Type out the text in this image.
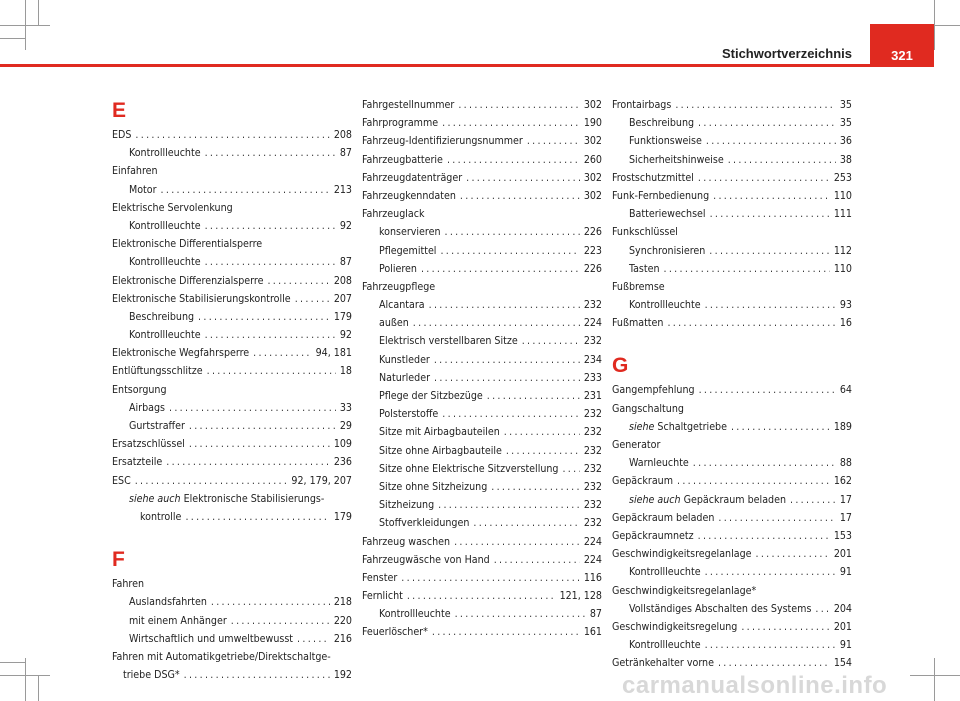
Stichwortverzeichnis	321
E
EDS .....	208
Kontrollleuchte .....	87
Einfahren
Motor .....	213
Elektrische Servolenkung
Kontrollleuchte .....	92
Elektronische Differentialsperre
Kontrollleuchte .....	87
Elektronische Differenzialsperre .....	208
Elektronische Stabilisierungskontrolle .....	207
Beschreibung .....	179
Kontrollleuchte .....	92
Elektronische Wegfahrsperre .....	94, 181
Entlüftungsschlitze .....	18
Entsorgung
Airbags .....	33
Gurtstraffer .....	29
Ersatzschlüssel .....	109
Ersatzteile .....	236
ESC .....	92, 179, 207
siehe auch Elektronische Stabilisierungs-
kontrolle .....	179
F
Fahren
Auslandsfahrten .....	218
mit einem Anhänger .....	220
Wirtschaftlich und umweltbewusst .....	216
Fahren mit Automatikgetriebe/Direktschaltge-
triebe DSG* .....	192
Fahrgestellnummer .....	302
Fahrprogramme .....	190
Fahrzeug-Identifizierungsnummer .....	302
Fahrzeugbatterie .....	260
Fahrzeugdatenträger .....	302
Fahrzeugkenndaten .....	302
Fahrzeuglack
konservieren .....	226
Pflegemittel .....	223
Polieren .....	226
Fahrzeugpflege
Alcantara .....	232
außen .....	224
Elektrisch verstellbaren Sitze .....	232
Kunstleder .....	234
Naturleder .....	233
Pflege der Sitzbezüge .....	231
Polsterstoffe .....	232
Sitze mit Airbagbauteilen .....	232
Sitze ohne Airbagbauteile .....	232
Sitze ohne Elektrische Sitzverstellung ..... 232
Sitze ohne Sitzheizung .....	232
Sitzheizung .....	232
Stoffverkleidungen .....	232
Fahrzeug waschen .....	224
Fahrzeugwäsche von Hand .....	224
Fenster .....	116
Fernlicht .....	121, 128
Kontrollleuchte .....	87
Feuerlöscher* .....	161
Frontairbags .....	35
Beschreibung .....	35
Funktionsweise .....	36
Sicherheitshinweise .....	38
Frostschutzmittel .....	253
Funk-Fernbedienung .....	110
Batteriewechsel .....	111
Funkschlüssel
Synchronisieren .....	112
Tasten .....	110
Fußbremse
Kontrollleuchte .....	93
Fußmatten .....	16
G
Gangempfehlung .....	64
Gangschaltung
siehe Schaltgetriebe .....	189
Generator
Warnleuchte .....	88
Gepäckraum .....	162
siehe auch Gepäckraum beladen .....	17
Gepäckraum beladen .....	17
Gepäckraumnetz .....	153
Geschwindigkeitsregelanlage .....	201
Kontrollleuchte .....	91
Geschwindigkeitsregelanlage*
Vollständiges Abschalten des Systems ..... 204
Geschwindigkeitsregelung .....	201
Kontrollleuchte .....	91
Getränkehalter vorne .....	154
carmanualsonline.info
